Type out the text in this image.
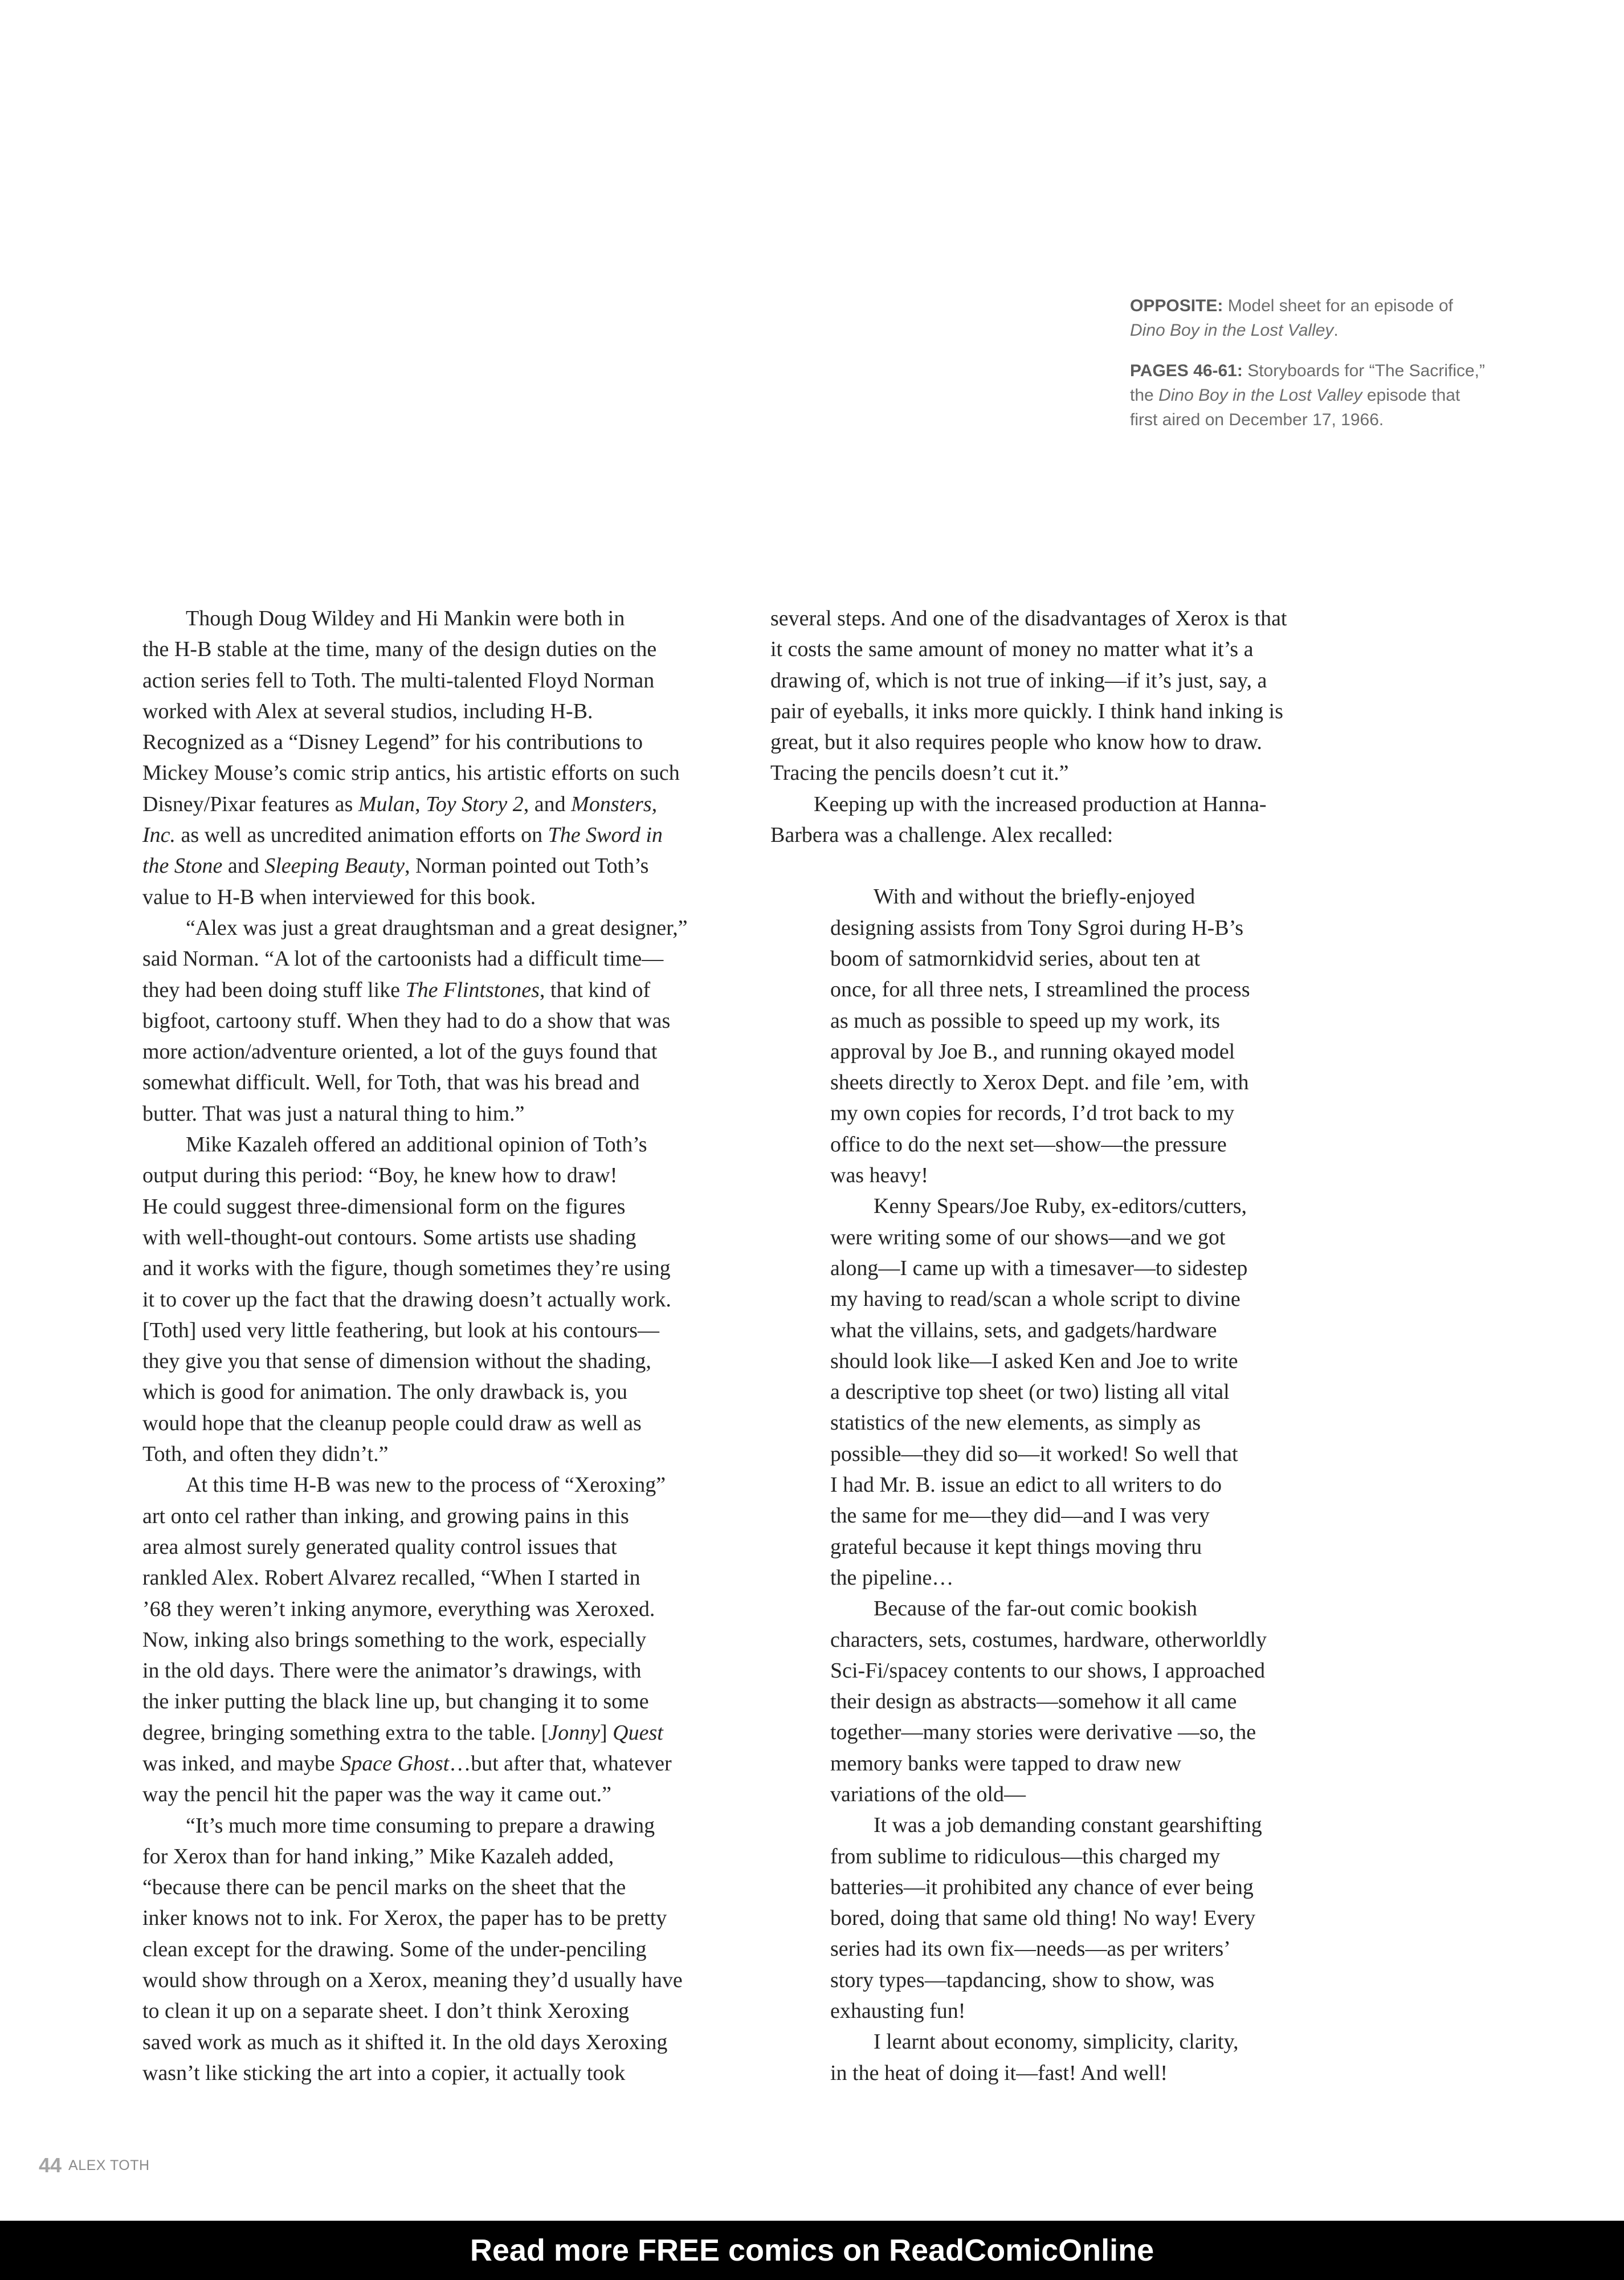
OPPOSITE: Model sheet for an episode of
Dino Boy in the Lost Valley.

PAGES 46-61: Storyboards for “The Sacrifice,”
the Dino Boy in the Lost Valley episode that
first aired on December 17, 1966.

Though Doug Wildey and Hi Mankin were both in
the H-B stable at the time, many of the design duties on the
action series fell to Toth. The multi-talented Floyd Norman
worked with Alex at several studios, including H-B.
Recognized as a “Disney Legend” for his contributions to
Mickey Mouse’s comic strip antics, his artistic efforts on such
Disney/Pixar features as Mulan, Toy Story 2, and Monsters,
Inc. as well as uncredited animation efforts on The Sword in
the Stone and Sleeping Beauty, Norman pointed out Toth’s
value to H-B when interviewed for this book.

“Alex was just a great draughtsman and a great designer,”
said Norman. “A lot of the cartoonists had a difficult time—
they had been doing stuff like The Flintstones, that kind of
bigfoot, cartoony stuff. When they had to do a show that was
more action/adventure oriented, a lot of the guys found that
somewhat difficult. Well, for Toth, that was his bread and
butter. That was just a natural thing to him.”

Mike Kazaleh offered an additional opinion of Toth’s
output during this period: “Boy, he knew how to draw!
He could suggest three-dimensional form on the figures
with well-thought-out contours. Some artists use shading
and it works with the figure, though sometimes they’re using
it to cover up the fact that the drawing doesn’t actually work.
[Toth] used very little feathering, but look at his contours—
they give you that sense of dimension without the shading,
which is good for animation. The only drawback is, you
would hope that the cleanup people could draw as well as
Toth, and often they didn’t.”

At this time H-B was new to the process of “Xeroxing”
art onto cel rather than inking, and growing pains in this
area almost surely generated quality control issues that
rankled Alex. Robert Alvarez recalled, “When I started in
’68 they weren’t inking anymore, everything was Xeroxed.
Now, inking also brings something to the work, especially
in the old days. There were the animator’s drawings, with
the inker putting the black line up, but changing it to some
degree, bringing something extra to the table. [Jonny] Quest
was inked, and maybe Space Ghost…but after that, whatever
way the pencil hit the paper was the way it came out.”

“It’s much more time consuming to prepare a drawing
for Xerox than for hand inking,” Mike Kazaleh added,
“because there can be pencil marks on the sheet that the
inker knows not to ink. For Xerox, the paper has to be pretty
clean except for the drawing. Some of the under-penciling
would show through on a Xerox, meaning they’d usually have
to clean it up on a separate sheet. I don’t think Xeroxing
saved work as much as it shifted it. In the old days Xeroxing
wasn’t like sticking the art into a copier, it actually took

several steps. And one of the disadvantages of Xerox is that
it costs the same amount of money no matter what it’s a
drawing of, which is not true of inking—if it’s just, say, a
pair of eyeballs, it inks more quickly. I think hand inking is
great, but it also requires people who know how to draw.
Tracing the pencils doesn’t cut it.”

Keeping up with the increased production at Hanna-
Barbera was a challenge. Alex recalled:

With and without the briefly-enjoyed
designing assists from Tony Sgroi during H-B’s
boom of satmornkidvid series, about ten at
once, for all three nets, I streamlined the process
as much as possible to speed up my work, its
approval by Joe B., and running okayed model
sheets directly to Xerox Dept. and file ’em, with
my own copies for records, I’d trot back to my
office to do the next set—show—the pressure
was heavy!

Kenny Spears/Joe Ruby, ex-editors/cutters,
were writing some of our shows—and we got
along—I came up with a timesaver—to sidestep
my having to read/scan a whole script to divine
what the villains, sets, and gadgets/hardware
should look like—I asked Ken and Joe to write
a descriptive top sheet (or two) listing all vital
statistics of the new elements, as simply as
possible—they did so—it worked! So well that
I had Mr. B. issue an edict to all writers to do
the same for me—they did—and I was very
grateful because it kept things moving thru
the pipeline…

Because of the far-out comic bookish
characters, sets, costumes, hardware, otherworldly
Sci-Fi/spacey contents to our shows, I approached
their design as abstracts—somehow it all came
together—many stories were derivative —so, the
memory banks were tapped to draw new
variations of the old—

It was a job demanding constant gearshifting
from sublime to ridiculous—this charged my
batteries—it prohibited any chance of ever being
bored, doing that same old thing! No way! Every
series had its own fix—needs—as per writers’
story types—tapdancing, show to show, was
exhausting fun!

I learnt about economy, simplicity, clarity,
in the heat of doing it—fast! And well!

44 ALEX TOTH
Read more FREE comics on ReadComicOnline
